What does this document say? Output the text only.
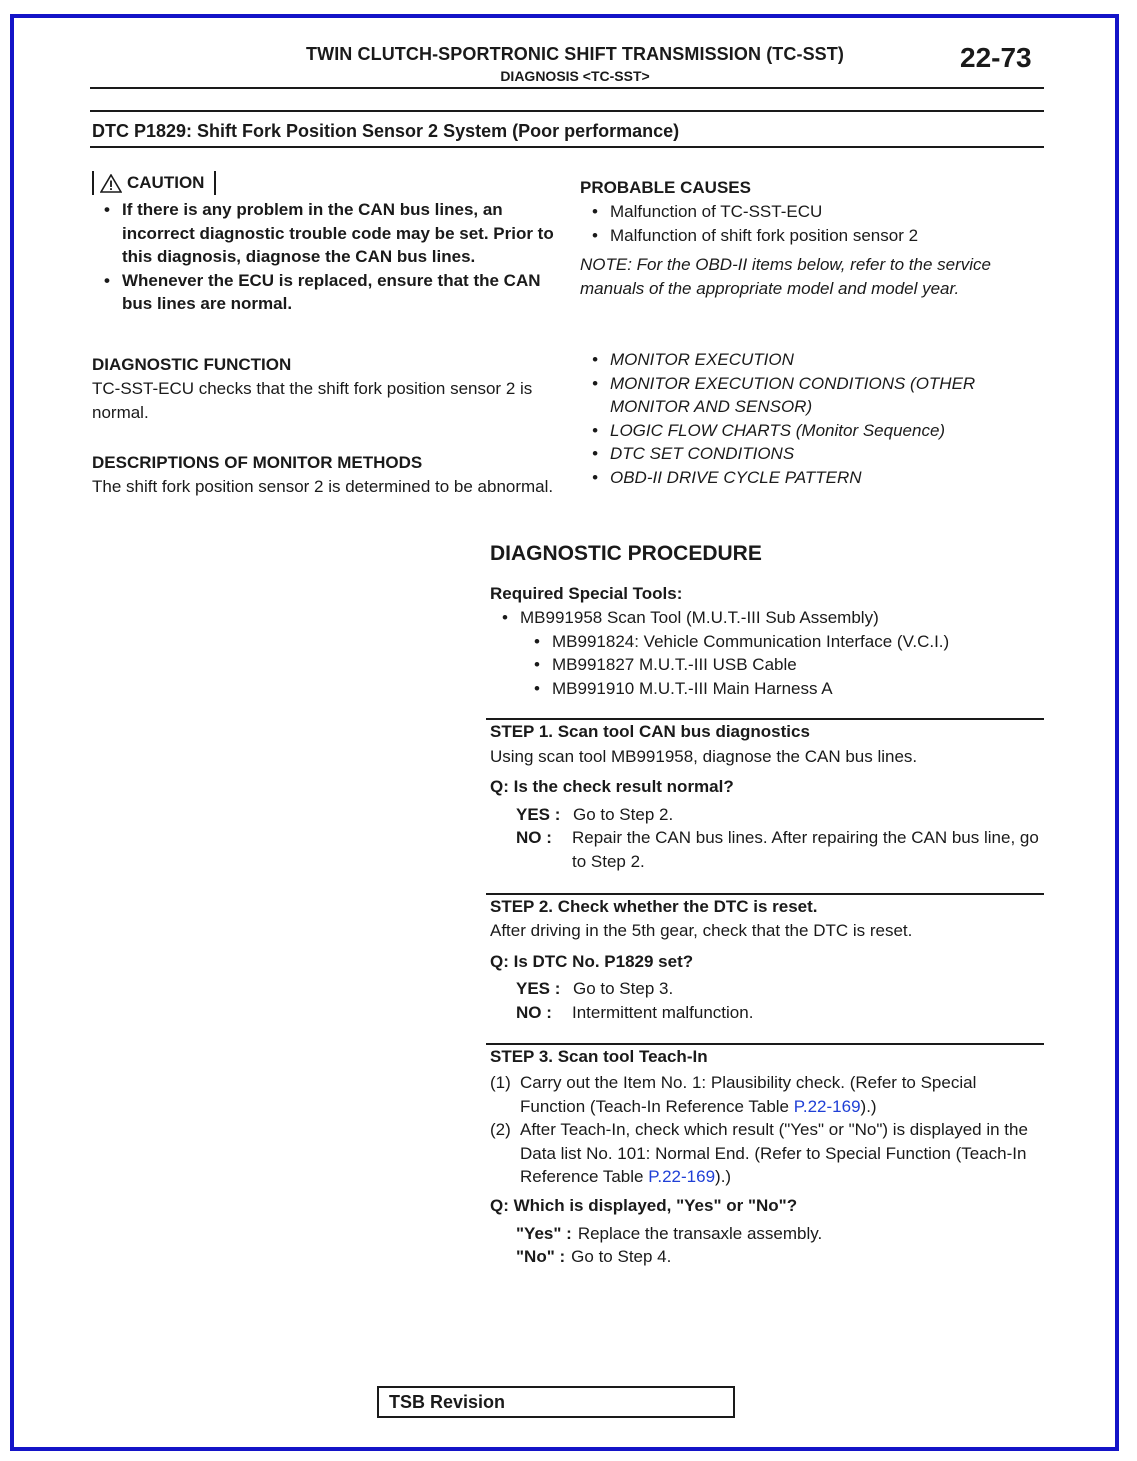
TWIN CLUTCH-SPORTRONIC SHIFT TRANSMISSION (TC-SST)
DIAGNOSIS <TC-SST>
22-73
DTC P1829: Shift Fork Position Sensor 2 System (Poor performance)
CAUTION
• If there is any problem in the CAN bus lines, an incorrect diagnostic trouble code may be set. Prior to this diagnosis, diagnose the CAN bus lines.
• Whenever the ECU is replaced, ensure that the CAN bus lines are normal.
DIAGNOSTIC FUNCTION
TC-SST-ECU checks that the shift fork position sensor 2 is normal.
DESCRIPTIONS OF MONITOR METHODS
The shift fork position sensor 2 is determined to be abnormal.
PROBABLE CAUSES
• Malfunction of TC-SST-ECU
• Malfunction of shift fork position sensor 2
NOTE: For the OBD-II items below, refer to the service manuals of the appropriate model and model year.
• MONITOR EXECUTION
• MONITOR EXECUTION CONDITIONS (OTHER MONITOR AND SENSOR)
• LOGIC FLOW CHARTS (Monitor Sequence)
• DTC SET CONDITIONS
• OBD-II DRIVE CYCLE PATTERN
DIAGNOSTIC PROCEDURE
Required Special Tools:
• MB991958 Scan Tool (M.U.T.-III Sub Assembly)
• MB991824: Vehicle Communication Interface (V.C.I.)
• MB991827 M.U.T.-III USB Cable
• MB991910 M.U.T.-III Main Harness A
STEP 1. Scan tool CAN bus diagnostics
Using scan tool MB991958, diagnose the CAN bus lines.
Q: Is the check result normal?
YES : Go to Step 2.
NO :	Repair the CAN bus lines. After repairing the CAN bus line, go to Step 2.
STEP 2. Check whether the DTC is reset.
After driving in the 5th gear, check that the DTC is reset.
Q: Is DTC No. P1829 set?
YES : Go to Step 3.
NO :	Intermittent malfunction.
STEP 3. Scan tool Teach-In
(1) Carry out the Item No. 1: Plausibility check. (Refer to Special Function (Teach-In Reference Table P.22-169).)
(2) After Teach-In, check which result ("Yes" or "No") is displayed in the Data list No. 101: Normal End. (Refer to Special Function (Teach-In Reference Table P.22-169).)
Q: Which is displayed, "Yes" or "No"?
"Yes" : Replace the transaxle assembly.
"No" : Go to Step 4.
TSB Revision
